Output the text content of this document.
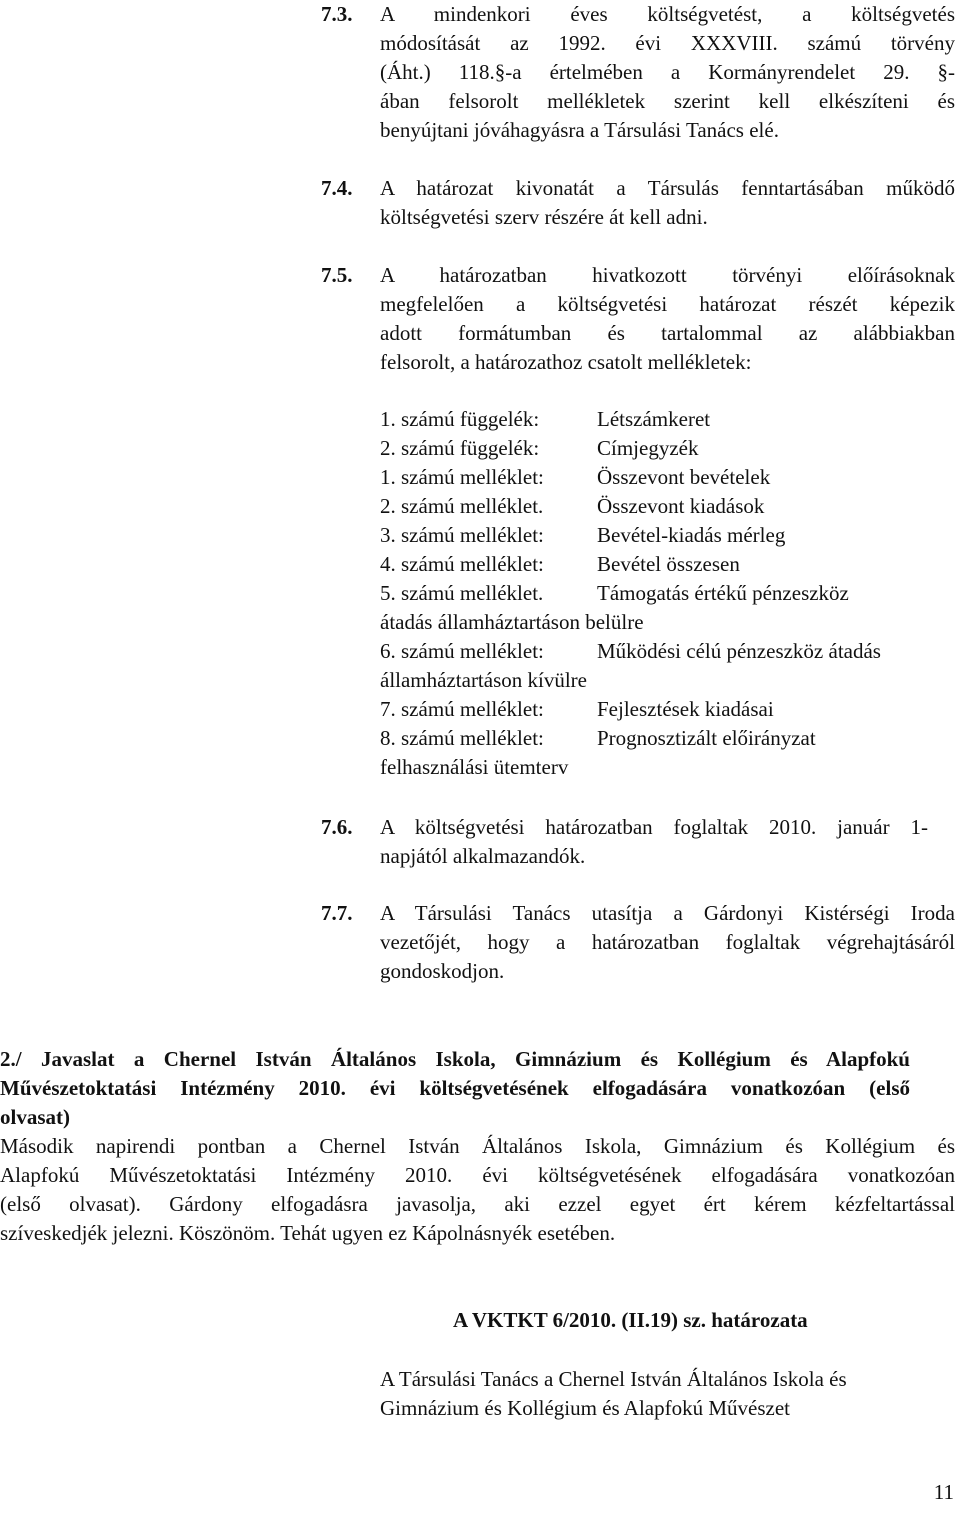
7.3. A mindenkori éves költségvetést, a költségvetés
módosítását az 1992. évi XXXVIII. számú törvény
(Áht.) 118.§-a értelmében a Kormányrendelet 29. §-
ában felsorolt mellékletek szerint kell elkészíteni és
benyújtani jóváhagyásra a Társulási Tanács elé.
7.4. A határozat kivonatát a Társulás fenntartásában működő
költségvetési szerv részére át kell adni.
7.5. A határozatban hivatkozott törvényi előírásoknak
megfelelően a költségvetési határozat részét képezik
adott formátumban és tartalommal az alábbiakban
felsorolt, a határozathoz csatolt mellékletek:
1. számú függelék:	Létszámkeret
2. számú függelék:	Címjegyzék
1. számú melléklet:	Összevont bevételek
2. számú melléklet.	Összevont kiadások
3. számú melléklet:	Bevétel-kiadás mérleg
4. számú melléklet:	Bevétel összesen
5. számú melléklet.	Támogatás értékű pénzeszköz
átadás államháztartáson belülre
6. számú melléklet:	Működési célú pénzeszköz átadás
államháztartáson kívülre
7. számú melléklet:	Fejlesztések kiadásai
8. számú melléklet:	Prognosztizált előirányzat
felhasználási ütemterv
7.6. A költségvetési határozatban foglaltak 2010. január 1-
napjától alkalmazandók.
7.7. A Társulási Tanács utasítja a Gárdonyi Kistérségi Iroda
vezetőjét, hogy a határozatban foglaltak végrehajtásáról
gondoskodjon.
2./ Javaslat a Chernel István Általános Iskola, Gimnázium és Kollégium és Alapfokú
Művészetoktatási Intézmény 2010. évi költségvetésének elfogadására vonatkozóan (első
olvasat)
Második napirendi pontban a Chernel István Általános Iskola, Gimnázium és Kollégium és
Alapfokú Művészetoktatási Intézmény 2010. évi költségvetésének elfogadására vonatkozóan
(első olvasat). Gárdony elfogadásra javasolja, aki ezzel egyet ért kérem kézfeltartással
szíveskedjék jelezni. Köszönöm. Tehát ugyen ez Kápolnásnyék esetében.
A VKTKT 6/2010. (II.19) sz. határozata
A Társulási Tanács a Chernel István Általános Iskola és
Gimnázium és Kollégium és Alapfokú Művészet
11
